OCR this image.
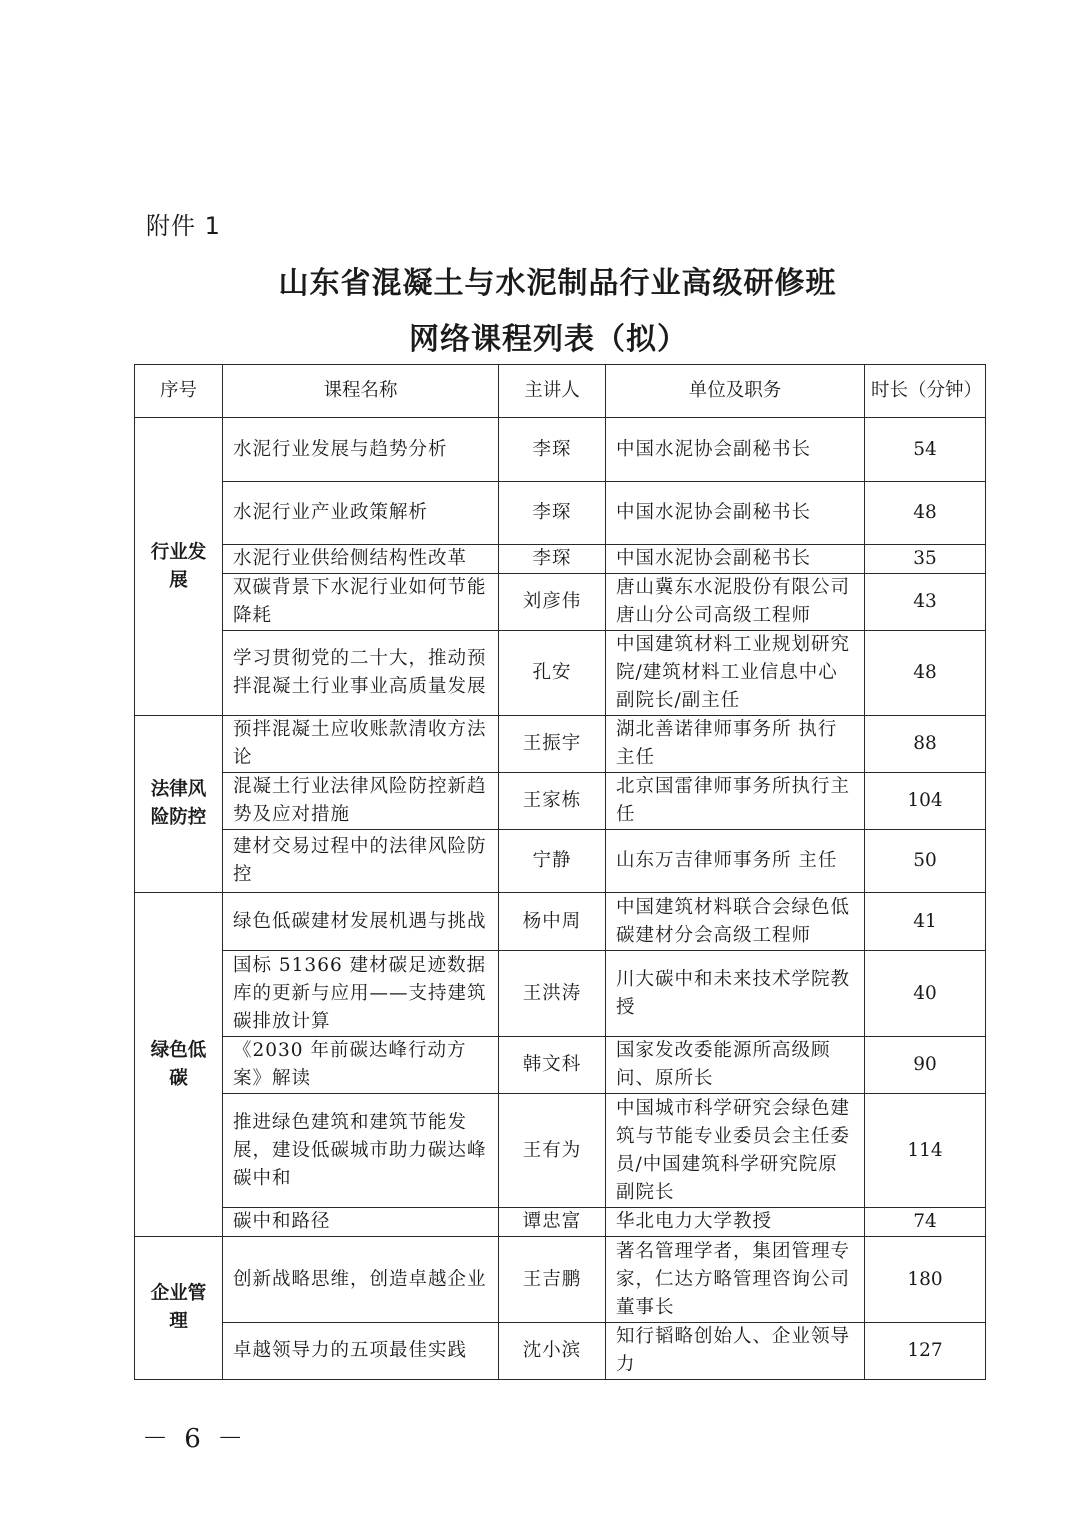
附件 1
山东省混凝土与水泥制品行业高级研修班
网络课程列表（拟）
序号	课程名称	主讲人	单位及职务	时长（分钟）
行业发展	水泥行业发展与趋势分析	李琛	中国水泥协会副秘书长	54
	水泥行业产业政策解析	李琛	中国水泥协会副秘书长	48
	水泥行业供给侧结构性改革	李琛	中国水泥协会副秘书长	35
	双碳背景下水泥行业如何节能降耗	刘彦伟	唐山冀东水泥股份有限公司唐山分公司高级工程师	43
	学习贯彻党的二十大，推动预拌混凝土行业事业高质量发展	孔安	中国建筑材料工业规划研究院/建筑材料工业信息中心 副院长/副主任	48
法律风险防控	预拌混凝土应收账款清收方法论	王振宇	湖北善诺律师事务所 执行主任	88
	混凝土行业法律风险防控新趋势及应对措施	王家栋	北京国雷律师事务所执行主任	104
	建材交易过程中的法律风险防控	宁静	山东万吉律师事务所 主任	50
绿色低碳	绿色低碳建材发展机遇与挑战	杨中周	中国建筑材料联合会绿色低碳建材分会高级工程师	41
	国标 51366 建材碳足迹数据库的更新与应用——支持建筑碳排放计算	王洪涛	川大碳中和未来技术学院教授	40
	《2030 年前碳达峰行动方案》解读	韩文科	国家发改委能源所高级顾问、原所长	90
	推进绿色建筑和建筑节能发展，建设低碳城市助力碳达峰碳中和	王有为	中国城市科学研究会绿色建筑与节能专业委员会主任委员/中国建筑科学研究院原副院长	114
	碳中和路径	谭忠富	华北电力大学教授	74
企业管理	创新战略思维，创造卓越企业	王吉鹏	著名管理学者，集团管理专家，仁达方略管理咨询公司董事长	180
	卓越领导力的五项最佳实践	沈小滨	知行韬略创始人、企业领导力	127
－ 6 －
